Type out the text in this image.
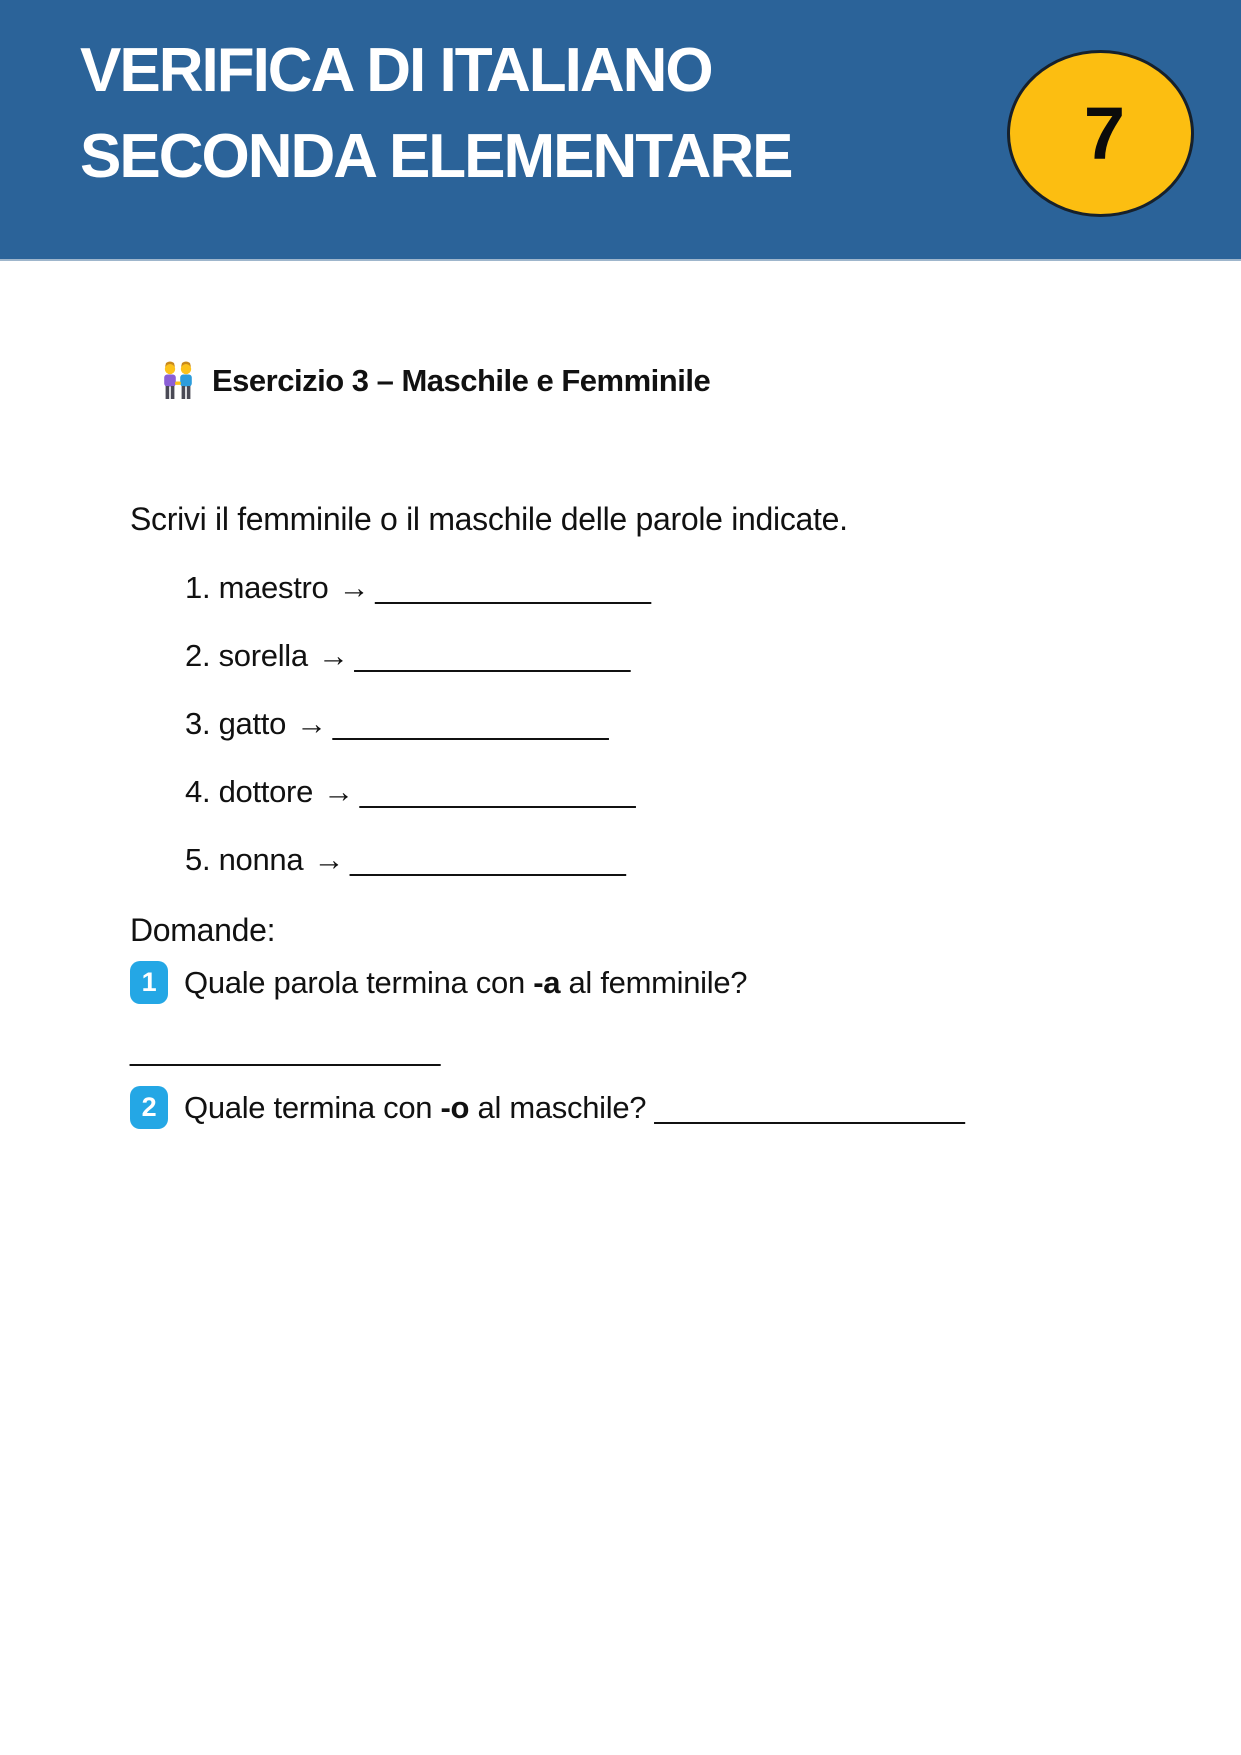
VERIFICA DI ITALIANO
SECONDA ELEMENTARE	7
Esercizio 3 – Maschile e Femminile

Scrivi il femminile o il maschile delle parole indicate.

1.
maestro → ________________
2.
sorella → ________________
3.
gatto → ________________
4.
dottore → ________________
5.
nonna → ________________

Domande:

1 Quale parola termina con -a al femminile?

__________________

2 Quale termina con -o al maschile? __________________
